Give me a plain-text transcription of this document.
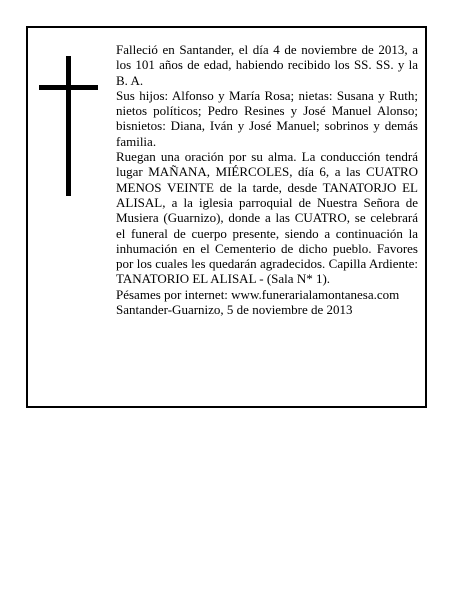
Falleció en Santander, el día 4 de noviembre de 2013, a los 101 años de edad, habiendo recibido los SS. SS. y la B. A.

Sus hijos: Alfonso y María Rosa; nietas: Susana y Ruth; nietos políticos; Pedro Resines y José Manuel Alonso; bisnietos: Diana, Iván y José Manuel; sobrinos y demás familia.

Ruegan una oración por su alma. La conducción tendrá lugar MAÑANA, MIÉRCOLES, día 6, a las CUATRO MENOS VEINTE de la tarde, desde TANATORJO EL ALISAL, a la iglesia parroquial de Nuestra Señora de Musiera (Guarnizo), donde a las CUATRO, se celebrará el funeral de cuerpo presente, siendo a continuación la inhumación en el Cementerio de dicho pueblo. Favores por los cuales les quedarán agradecidos. Capilla Ardiente: TANATORIO EL ALISAL - (Sala N* 1).

Pésames por internet: www.funerarialamontanesa.com

Santander-Guarnizo, 5 de noviembre de 2013
